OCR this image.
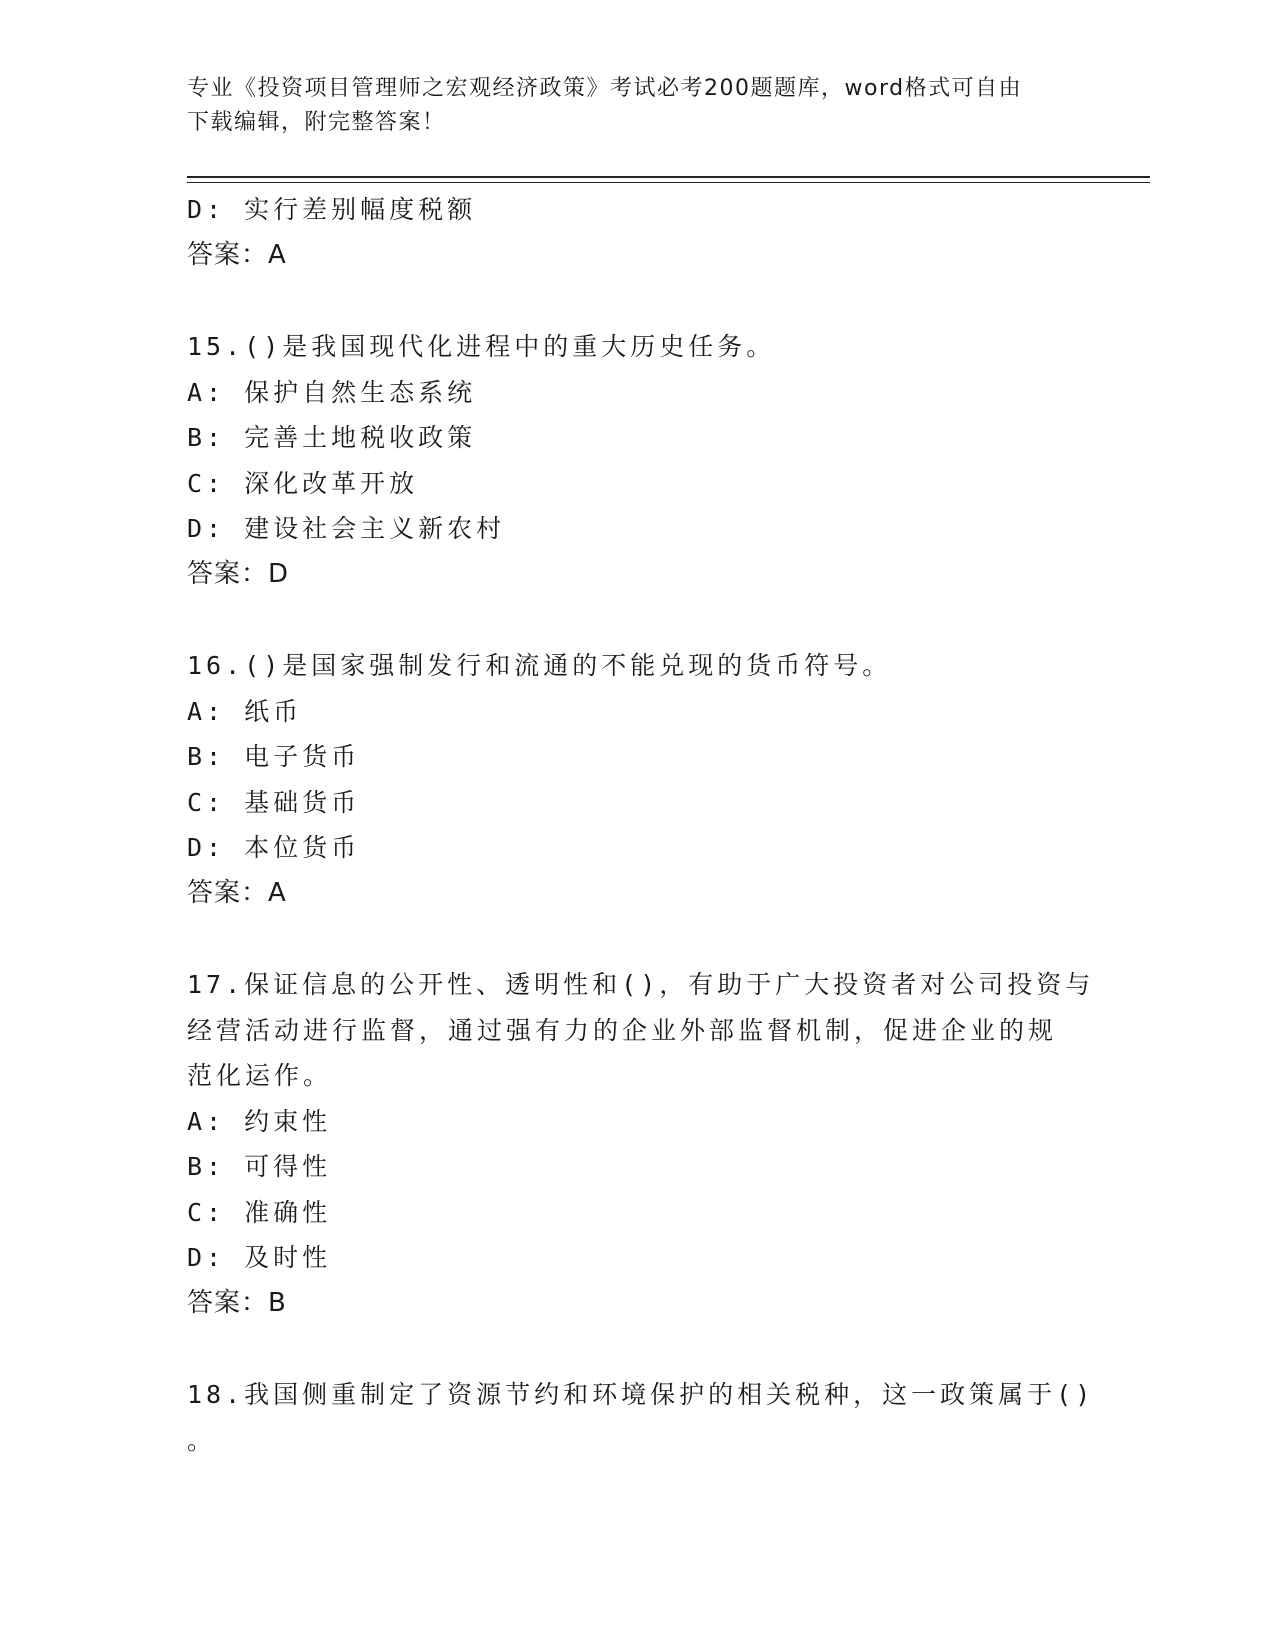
专业《投资项目管理师之宏观经济政策》考试必考200题题库，word格式可自由
下载编辑，附完整答案！
D: 实行差别幅度税额
答案：A
15.()是我国现代化进程中的重大历史任务。
A: 保护自然生态系统
B: 完善土地税收政策
C: 深化改革开放
D: 建设社会主义新农村
答案：D
16.()是国家强制发行和流通的不能兑现的货币符号。
A: 纸币
B: 电子货币
C: 基础货币
D: 本位货币
答案：A
17.保证信息的公开性、透明性和()，有助于广大投资者对公司投资与
经营活动进行监督，通过强有力的企业外部监督机制，促进企业的规
范化运作。
A: 约束性
B: 可得性
C: 准确性
D: 及时性
答案：B
18.我国侧重制定了资源节约和环境保护的相关税种，这一政策属于()
。
